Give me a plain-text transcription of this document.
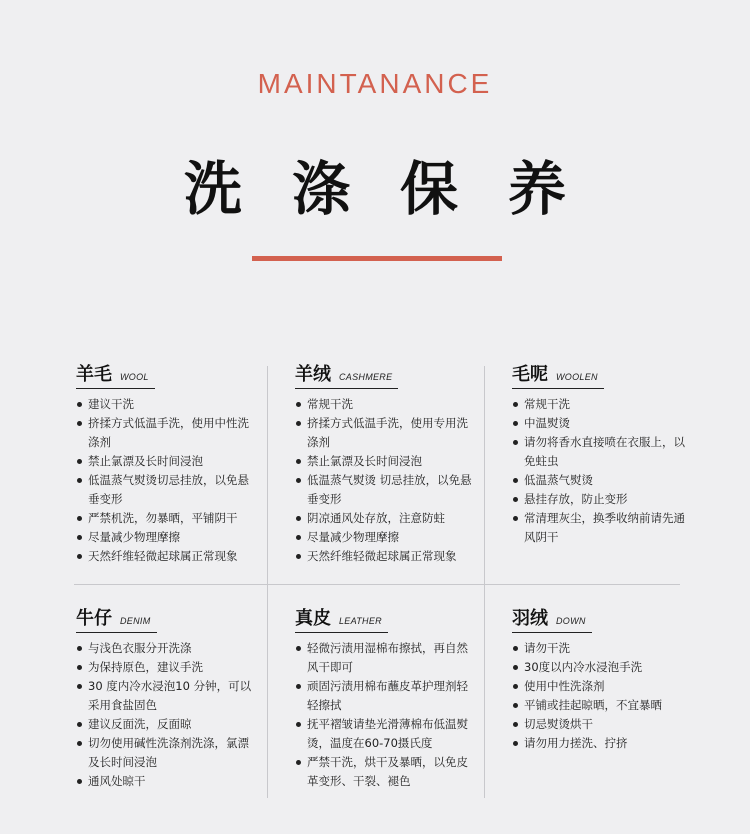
MAINTANANCE
洗涤保养
羊毛 WOOL
建议干洗
挤揉方式低温手洗，使用中性洗涤剂
禁止氯漂及长时间浸泡
低温蒸气熨烫切忌挂放，以免悬垂变形
严禁机洗，勿暴晒，平铺阴干
尽量减少物理摩擦
天然纤维轻微起球属正常现象
羊绒 CASHMERE
常规干洗
挤揉方式低温手洗，使用专用洗涤剂
禁止氯漂及长时间浸泡
低温蒸气熨烫 切忌挂放，以免悬垂变形
阴凉通风处存放，注意防蛀
尽量减少物理摩擦
天然纤维轻微起球属正常现象
毛呢 WOOLEN
常规干洗
中温熨烫
请勿将香水直接喷在衣服上，以免蛀虫
低温蒸气熨烫
悬挂存放，防止变形
常清理灰尘，换季收纳前请先通风阴干
牛仔 DENIM
与浅色衣服分开洗涤
为保持原色，建议手洗
30 度内冷水浸泡10 分钟，可以采用食盐固色
建议反面洗，反面晾
切勿使用碱性洗涤剂洗涤，氯漂及长时间浸泡
通风处晾干
真皮 LEATHER
轻微污渍用湿棉布擦拭，再自然风干即可
顽固污渍用棉布蘸皮革护理剂轻轻擦拭
抚平褶皱请垫光滑薄棉布低温熨烫，温度在60-70摄氏度
严禁干洗，烘干及暴晒，以免皮革变形、干裂、褪色
羽绒 DOWN
请勿干洗
30度以内冷水浸泡手洗
使用中性洗涤剂
平铺或挂起晾晒，不宜暴晒
切忌熨烫烘干
请勿用力搓洗、拧挤
